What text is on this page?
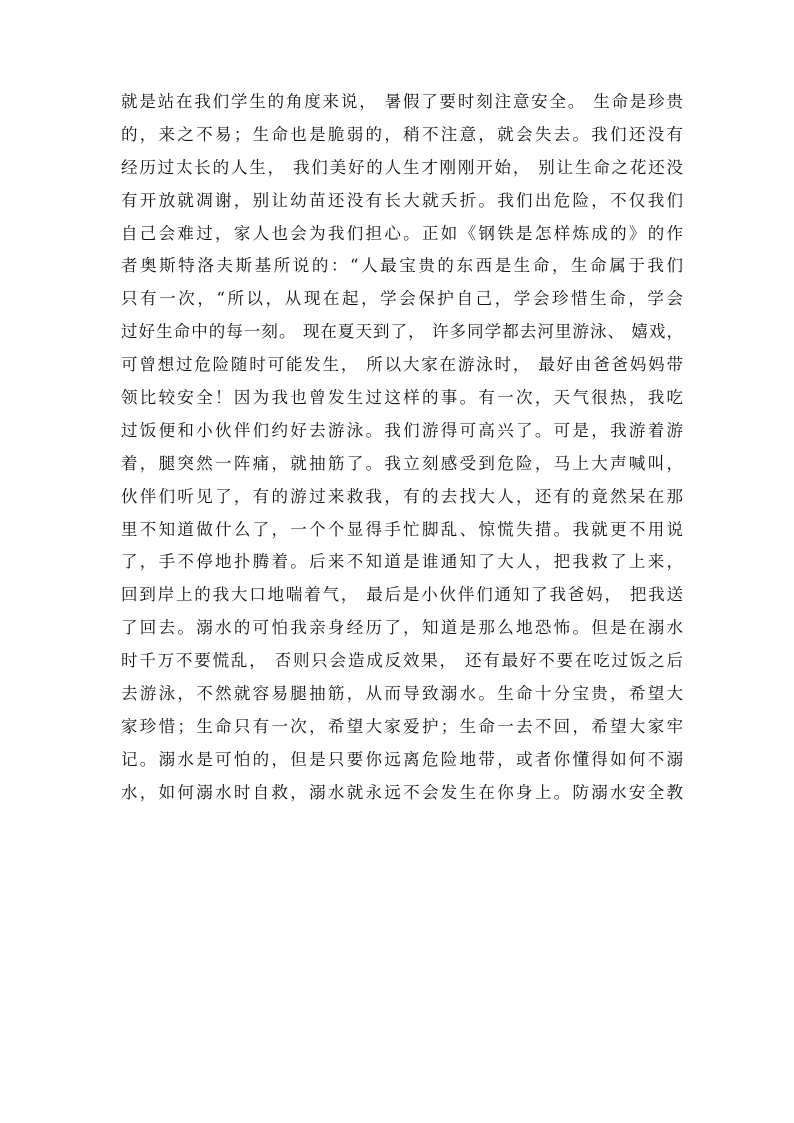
就是站在我们学生的角度来说， 暑假了要时刻注意安全。 生命是珍贵
的，来之不易；生命也是脆弱的，稍不注意，就会失去。我们还没有
经历过太长的人生， 我们美好的人生才刚刚开始， 别让生命之花还没
有开放就凋谢，别让幼苗还没有长大就夭折。我们出危险，不仅我们
自己会难过，家人也会为我们担心。正如《钢铁是怎样炼成的》的作
者奥斯特洛夫斯基所说的：“人最宝贵的东西是生命，生命属于我们
只有一次，“所以，从现在起，学会保护自己，学会珍惜生命，学会
过好生命中的每一刻。 现在夏天到了， 许多同学都去河里游泳、 嬉戏，
可曾想过危险随时可能发生， 所以大家在游泳时， 最好由爸爸妈妈带
领比较安全！因为我也曾发生过这样的事。有一次，天气很热，我吃
过饭便和小伙伴们约好去游泳。我们游得可高兴了。可是，我游着游
着，腿突然一阵痛，就抽筋了。我立刻感受到危险，马上大声喊叫，
伙伴们听见了，有的游过来救我，有的去找大人，还有的竟然呆在那
里不知道做什么了，一个个显得手忙脚乱、惊慌失措。我就更不用说
了，手不停地扑腾着。后来不知道是谁通知了大人，把我救了上来，
回到岸上的我大口地喘着气， 最后是小伙伴们通知了我爸妈， 把我送
了回去。溺水的可怕我亲身经历了，知道是那么地恐怖。但是在溺水
时千万不要慌乱， 否则只会造成反效果， 还有最好不要在吃过饭之后
去游泳，不然就容易腿抽筋，从而导致溺水。生命十分宝贵，希望大
家珍惜；生命只有一次，希望大家爱护；生命一去不回，希望大家牢
记。溺水是可怕的，但是只要你远离危险地带，或者你懂得如何不溺
水，如何溺水时自救，溺水就永远不会发生在你身上。防溺水安全教
